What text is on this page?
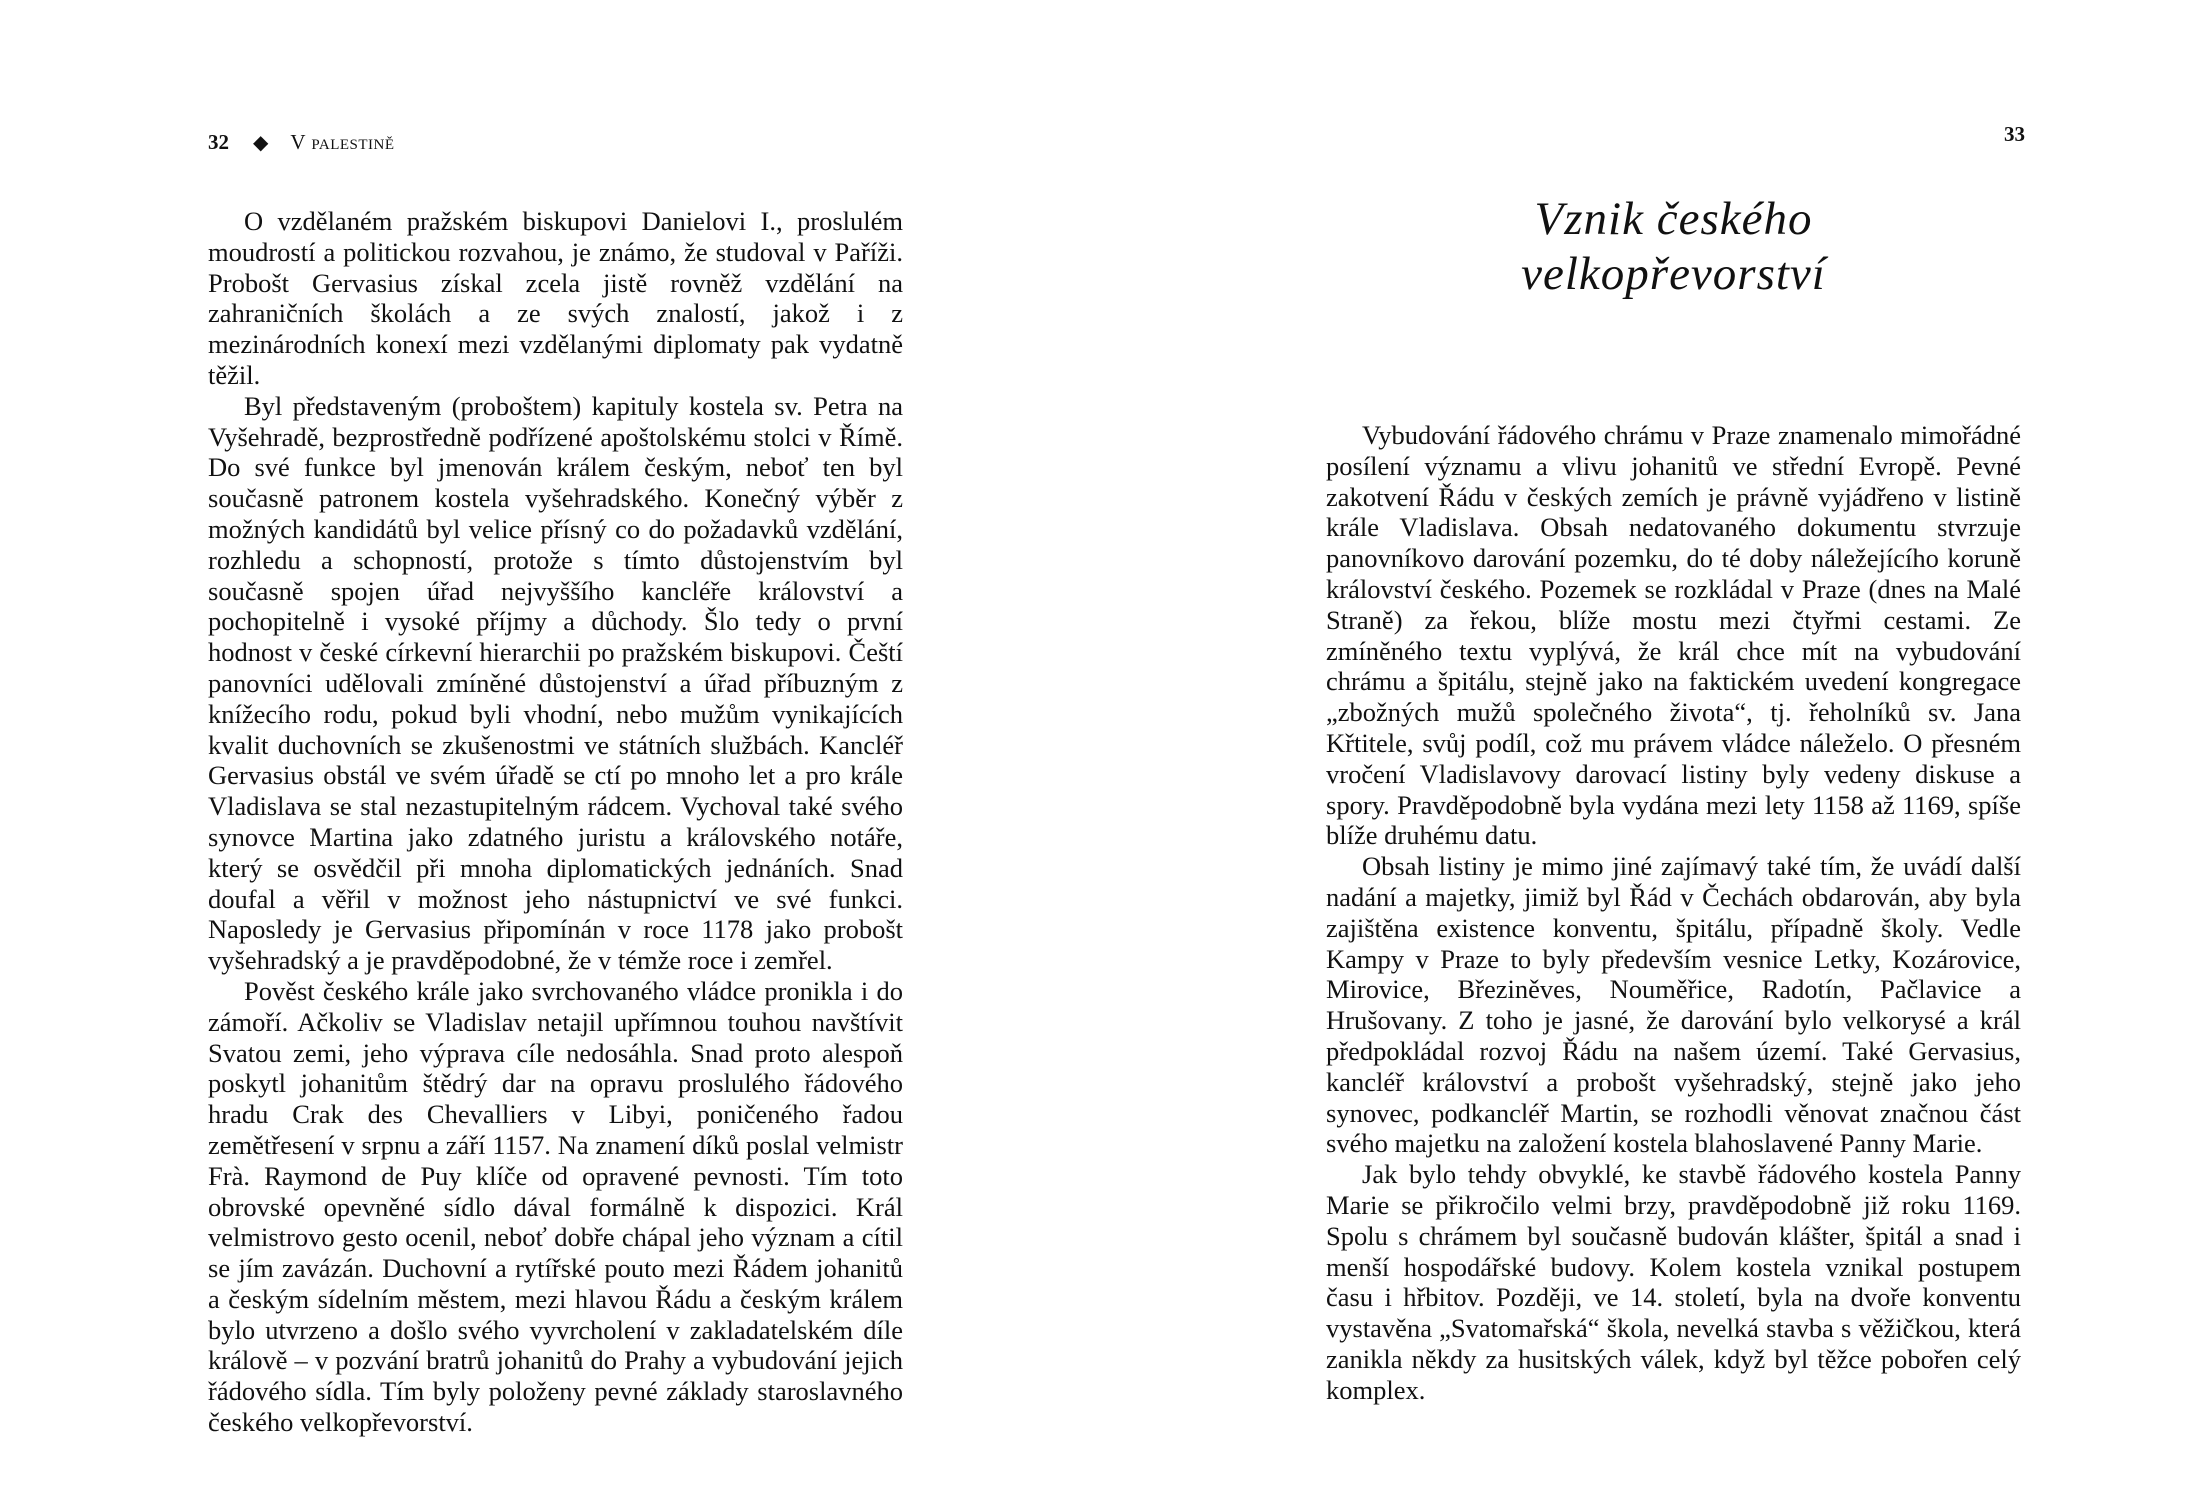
32 ◆ V palestině

O vzdělaném pražském biskupovi Danielovi I., proslulém moudrostí a politickou rozvahou, je známo, že studoval v Paříži. Probošt Gervasius získal zcela jistě rovněž vzdělání na zahraničních školách a ze svých znalostí, jakož i z mezinárodních konexí mezi vzdělanými diplomaty pak vydatně těžil.

Byl představeným (proboštem) kapituly kostela sv. Petra na Vyšehradě, bezprostředně podřízené apoštolskému stolci v Římě. Do své funkce byl jmenován králem českým, neboť ten byl současně patronem kostela vyšehradského. Konečný výběr z možných kandidátů byl velice přísný co do požadavků vzdělání, rozhledu a schopností, protože s tímto důstojenstvím byl současně spojen úřad nejvyššího kancléře království a pochopitelně i vysoké příjmy a důchody. Šlo tedy o první hodnost v české církevní hierarchii po pražském biskupovi. Čeští panovníci udělovali zmíněné důstojenství a úřad příbuzným z knížecího rodu, pokud byli vhodní, nebo mužům vynikajících kvalit duchovních se zkušenostmi ve státních službách. Kancléř Gervasius obstál ve svém úřadě se ctí po mnoho let a pro krále Vladislava se stal nezastupitelným rádcem. Vychoval také svého synovce Martina jako zdatného juristu a královského notáře, který se osvědčil při mnoha diplomatických jednáních. Snad doufal a věřil v možnost jeho nástupnictví ve své funkci. Naposledy je Gervasius připomínán v roce 1178 jako probošt vyšehradský a je pravděpodobné, že v témže roce i zemřel.

Pověst českého krále jako svrchovaného vládce pronikla i do zámoří. Ačkoliv se Vladislav netajil upřímnou touhou navštívit Svatou zemi, jeho výprava cíle nedosáhla. Snad proto alespoň poskytl johanitům štědrý dar na opravu proslulého řádového hradu Crak des Chevalliers v Libyi, poničeného řadou zemětřesení v srpnu a září 1157. Na znamení díků poslal velmistr Frà. Raymond de Puy klíče od opravené pevnosti. Tím toto obrovské opevněné sídlo dával formálně k dispozici. Král velmistrovo gesto ocenil, neboť dobře chápal jeho význam a cítil se jím zavázán. Duchovní a rytířské pouto mezi Řádem johanitů a českým sídelním městem, mezi hlavou Řádu a českým králem bylo utvrzeno a došlo svého vyvrcholení v zakladatelském díle králově – v pozvání bratrů johanitů do Prahy a vybudování jejich řádového sídla. Tím byly položeny pevné základy staroslavného českého velkopřevorství.

33
Vznik českého
velkopřevorství

Vybudování řádového chrámu v Praze znamenalo mimořádné posílení významu a vlivu johanitů ve střední Evropě. Pevné zakotvení Řádu v českých zemích je právně vyjádřeno v listině krále Vladislava. Obsah nedatovaného dokumentu stvrzuje panovníkovo darování pozemku, do té doby náležejícího koruně království českého. Pozemek se rozkládal v Praze (dnes na Malé Straně) za řekou, blíže mostu mezi čtyřmi cestami. Ze zmíněného textu vyplývá, že král chce mít na vybudování chrámu a špitálu, stejně jako na faktickém uvedení kongregace „zbožných mužů společného života“, tj. řeholníků sv. Jana Křtitele, svůj podíl, což mu právem vládce náleželo. O přesném vročení Vladislavovy darovací listiny byly vedeny diskuse a spory. Pravděpodobně byla vydána mezi lety 1158 až 1169, spíše blíže druhému datu.

Obsah listiny je mimo jiné zajímavý také tím, že uvádí další nadání a majetky, jimiž byl Řád v Čechách obdarován, aby byla zajištěna existence konventu, špitálu, případně školy. Vedle Kampy v Praze to byly především vesnice Letky, Kozárovice, Mirovice, Březiněves, Nouměřice, Radotín, Pačlavice a Hrušovany. Z toho je jasné, že darování bylo velkorysé a král předpokládal rozvoj Řádu na našem území. Také Gervasius, kancléř království a probošt vyšehradský, stejně jako jeho synovec, podkancléř Martin, se rozhodli věnovat značnou část svého majetku na založení kostela blahoslavené Panny Marie.

Jak bylo tehdy obvyklé, ke stavbě řádového kostela Panny Marie se přikročilo velmi brzy, pravděpodobně již roku 1169. Spolu s chrámem byl současně budován klášter, špitál a snad i menší hospodářské budovy. Kolem kostela vznikal postupem času i hřbitov. Později, ve 14. století, byla na dvoře konventu vystavěna „Svatomařská“ škola, nevelká stavba s věžičkou, která zanikla někdy za husitských válek, když byl těžce pobořen celý komplex.
